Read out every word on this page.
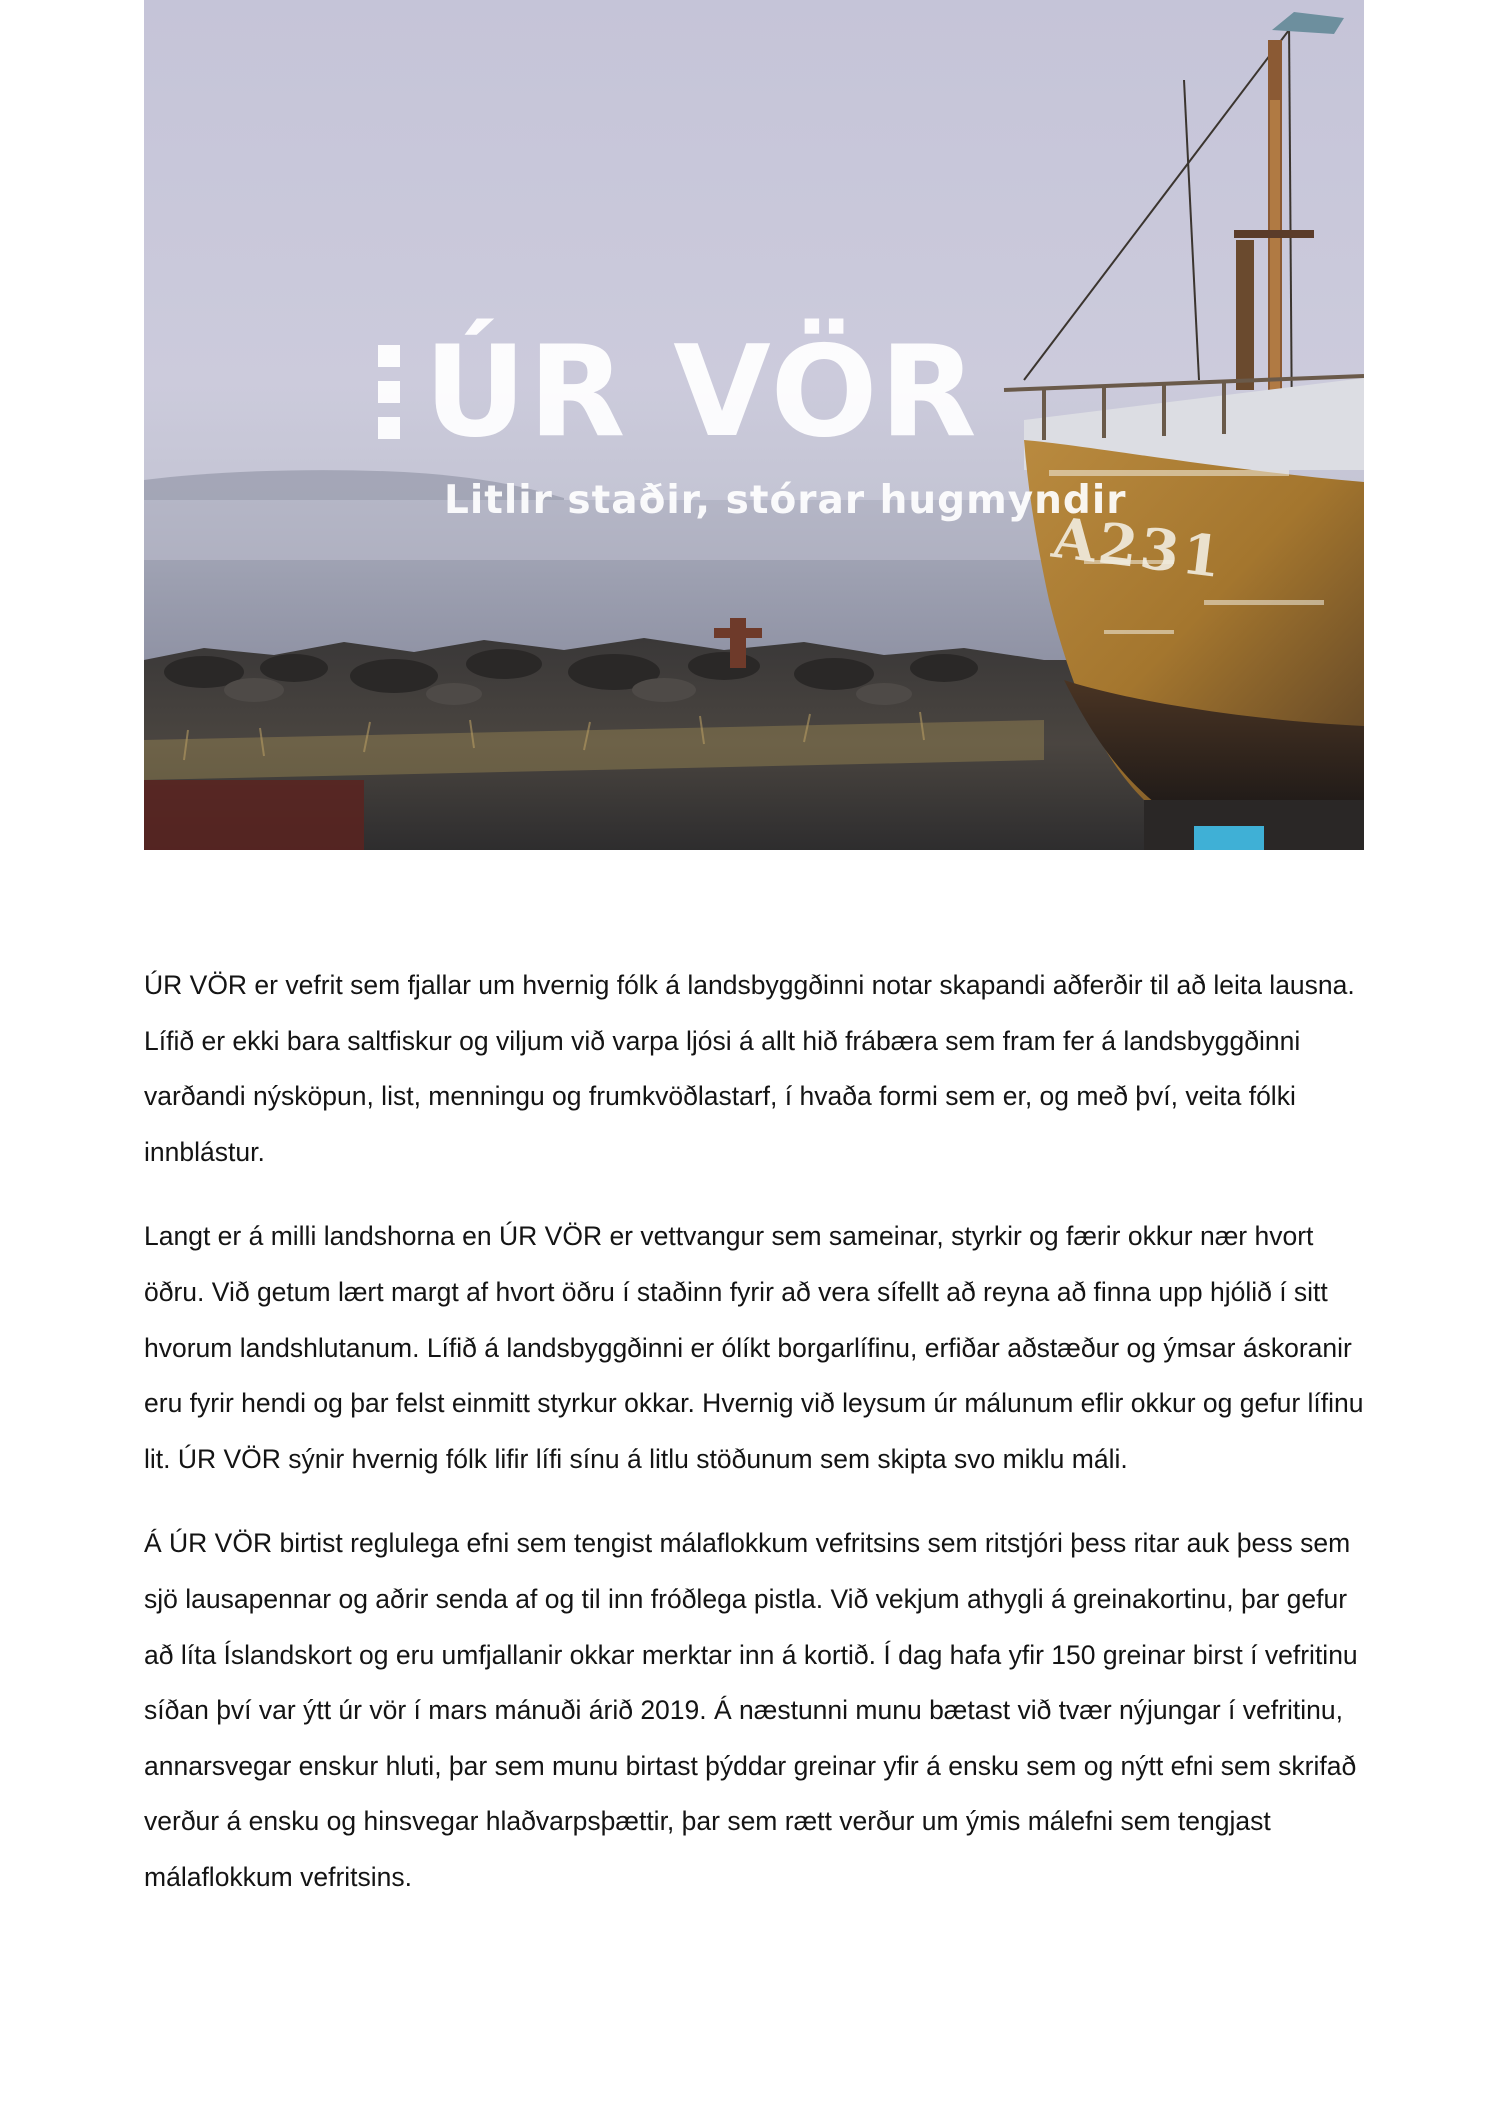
ÚR VÖR
Litlir staðir, stórar hugmyndir
A231

ÚR VÖR er vefrit sem fjallar um hvernig fólk á landsbyggðinni notar skapandi aðferðir til að leita lausna. Lífið er ekki bara saltfiskur og viljum við varpa ljósi á allt hið frábæra sem fram fer á landsbyggðinni varðandi nýsköpun, list, menningu og frumkvöðlastarf, í hvaða formi sem er, og með því, veita fólki innblástur.

Langt er á milli landshorna en ÚR VÖR er vettvangur sem sameinar, styrkir og færir okkur nær hvort öðru. Við getum lært margt af hvort öðru í staðinn fyrir að vera sífellt að reyna að finna upp hjólið í sitt hvorum landshlutanum. Lífið á landsbyggðinni er ólíkt borgarlífinu, erfiðar aðstæður og ýmsar áskoranir eru fyrir hendi og þar felst einmitt styrkur okkar. Hvernig við leysum úr málunum eflir okkur og gefur lífinu lit. ÚR VÖR sýnir hvernig fólk lifir lífi sínu á litlu stöðunum sem skipta svo miklu máli.

Á ÚR VÖR birtist reglulega efni sem tengist málaflokkum vefritsins sem ritstjóri þess ritar auk þess sem sjö lausapennar og aðrir senda af og til inn fróðlega pistla. Við vekjum athygli á greinakortinu, þar gefur að líta Íslandskort og eru umfjallanir okkar merktar inn á kortið. Í dag hafa yfir 150 greinar birst í vefritinu síðan því var ýtt úr vör í mars mánuði árið 2019. Á næstunni munu bætast við tvær nýjungar í vefritinu, annarsvegar enskur hluti, þar sem munu birtast þýddar greinar yfir á ensku sem og nýtt efni sem skrifað verður á ensku og hinsvegar hlaðvarpsþættir, þar sem rætt verður um ýmis málefni sem tengjast málaflokkum vefritsins.
